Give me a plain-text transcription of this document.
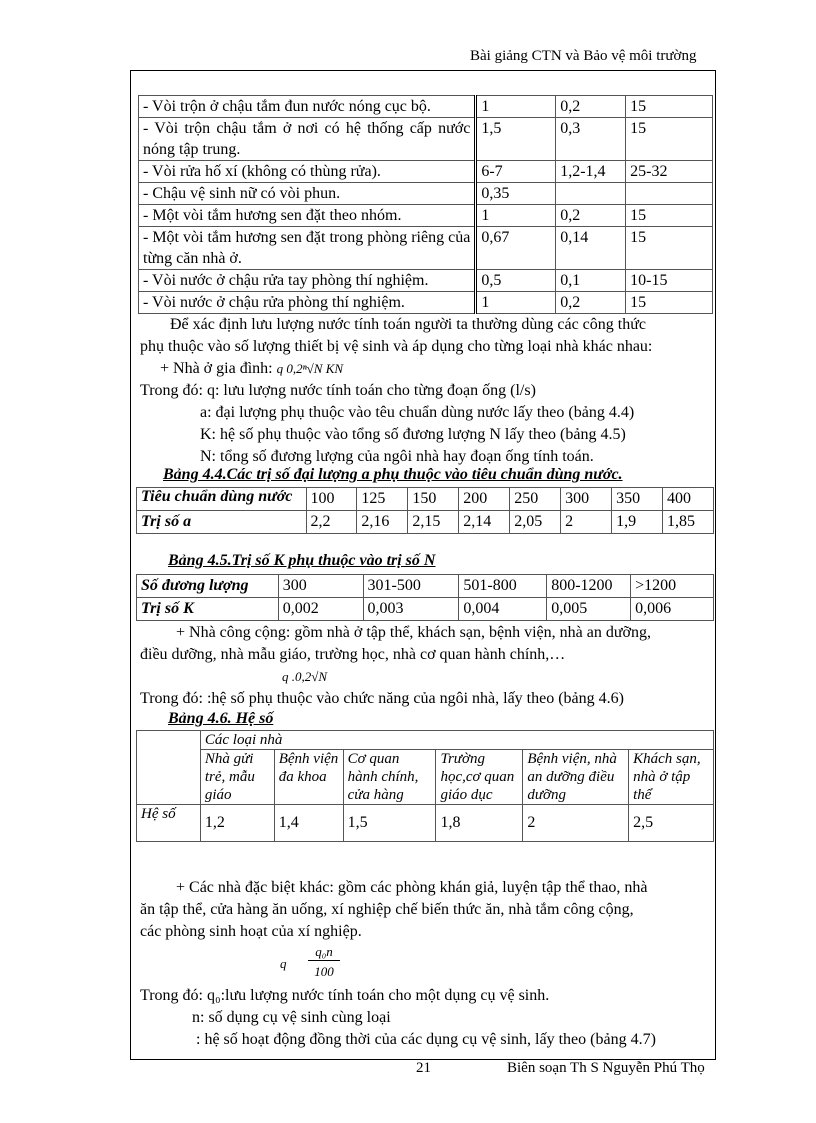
Bài giảng CTN và Bảo vệ môi trường
- Vòi trộn ở chậu tắm đun nước nóng cục bộ.	1	0,2	15
- Vòi trộn chậu tắm ở nơi có hệ thống cấp nước nóng tập trung.	1,5	0,3	15
- Vòi rửa hố xí (không có thùng rửa).	6-7	1,2-1,4	25-32
- Chậu vệ sinh nữ có vòi phun.	0,35		
- Một vòi tắm hương sen đặt theo nhóm.	1	0,2	15
- Một vòi tắm hương sen đặt trong phòng riêng của từng căn nhà ở.	0,67	0,14	15
- Vòi nước ở chậu rửa tay phòng thí nghiệm.	0,5	0,1	10-15
- Vòi nước ở chậu rửa phòng thí nghiệm.	1	0,2	15
Để xác định lưu lượng nước tính toán người ta thường dùng các công thức
phụ thuộc vào số lượng thiết bị vệ sinh và áp dụng cho từng loại nhà khác nhau:
+ Nhà ở gia đình: q 0,2ⁿ√N KN
Trong đó: q: lưu lượng nước tính toán cho từng đoạn ống (l/s)
a: đại lượng phụ thuộc vào têu chuẩn dùng nước lấy theo (bảng 4.4)
K: hệ số phụ thuộc vào tổng số đương lượng N lấy theo (bảng 4.5)
N: tổng số đương lượng của ngôi nhà hay đoạn ống tính toán.
Bảng 4.4.Các trị số đại lượng a phụ thuộc vào tiêu chuẩn dùng nước.
Tiêu chuẩn dùng nước	100	125	150	200	250	300	350	400
Trị số a	2,2	2,16	2,15	2,14	2,05	2	1,9	1,85
Bảng 4.5.Trị số K phụ thuộc vào trị số N
Số đương lượng	300	301-500	501-800	800-1200	>1200
Trị số K	0,002	0,003	0,004	0,005	0,006
+ Nhà công cộng: gồm nhà ở tập thể, khách sạn, bệnh viện, nhà an dưỡng,
điều dưỡng, nhà mẫu giáo, trường học, nhà cơ quan hành chính,…
q .0,2√N
Trong đó: :hệ số phụ thuộc vào chức năng của ngôi nhà, lấy theo (bảng 4.6)
Bảng 4.6. Hệ số
	Các loại nhà					
	Nhà gửi trẻ, mẫu giáo	Bệnh viện đa khoa	Cơ quan hành chính, cửa hàng	Trường học,cơ quan giáo dục	Bệnh viện, nhà an dưỡng điều dưỡng	Khách sạn, nhà ở tập thể
Hệ số	1,2	1,4	1,5	1,8	2	2,5
+ Các nhà đặc biệt khác: gồm các phòng khán giả, luyện tập thể thao, nhà
ăn tập thể, cửa hàng ăn uống, xí nghiệp chế biến thức ăn, nhà tắm công cộng,
các phòng sinh hoạt của xí nghiệp.
q
q₀n
100
Trong đó: q₀:lưu lượng nước tính toán cho một dụng cụ vệ sinh.
n: số dụng cụ vệ sinh cùng loại
: hệ số hoạt động đồng thời của các dụng cụ vệ sinh, lấy theo (bảng 4.7)
21	Biên soạn Th S Nguyễn Phú Thọ
